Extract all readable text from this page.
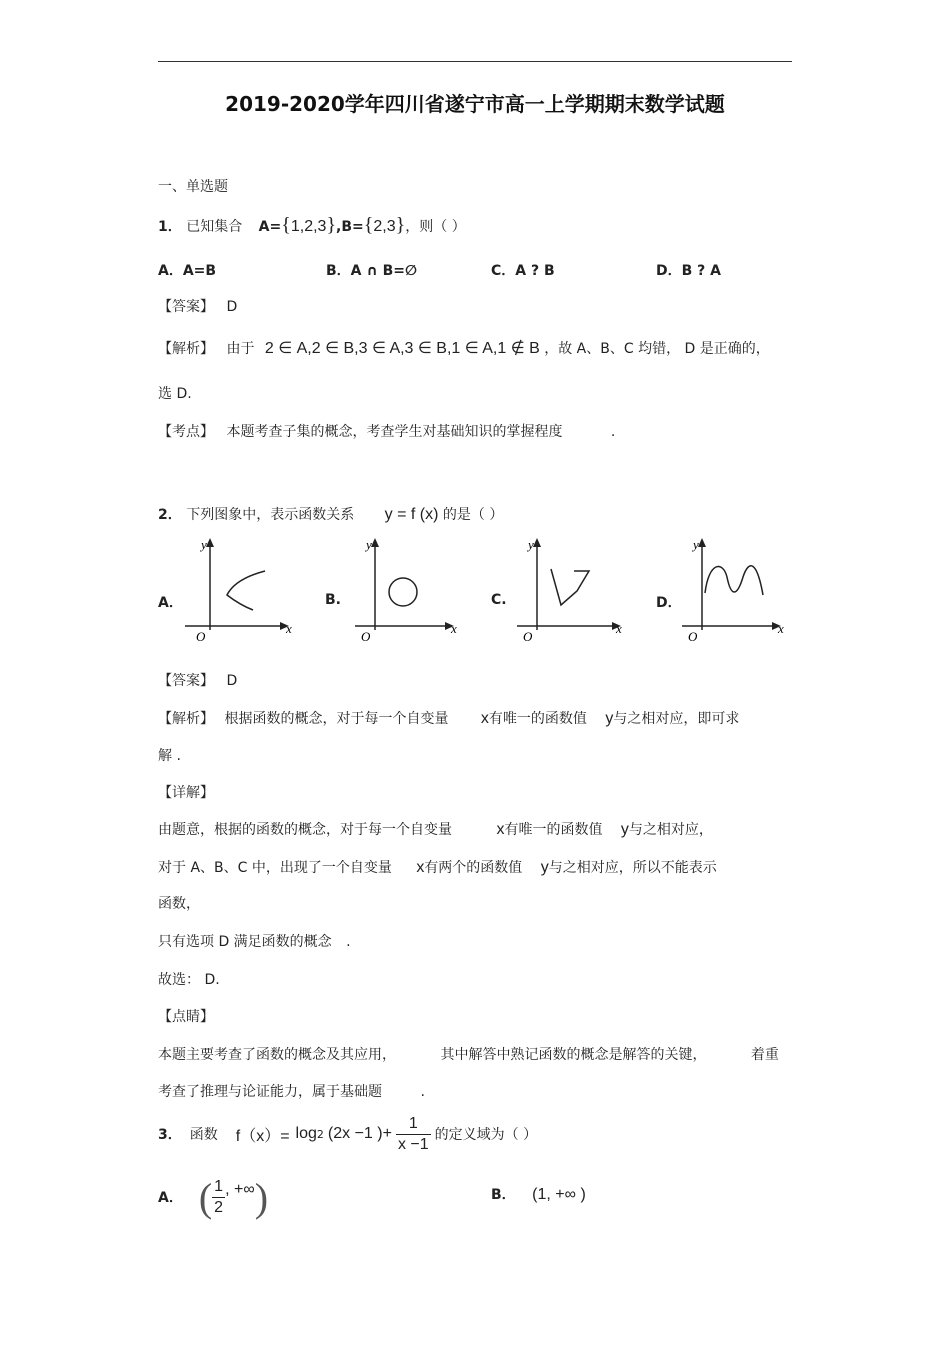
2019-2020学年四川省遂宁市高一上学期期末数学试题
一、单选题
1． 已知集合 A={1,2,3},B={2,3}，则（ ）
A．A=B	B．A ∩ B=∅	C．A ? B	D．B ? A
【答案】 D
【解析】 由于 2 ∈ A,2 ∈ B,3 ∈ A,3 ∈ B,1 ∈ A,1 ∉ B ，故 A、B、C 均错， D 是正确的，
选 D.
【考点】 本题考查子集的概念，考查学生对基础知识的掌握程度	.
2． 下列图象中，表示函数关系 y = f (x) 的是（ ）
A．	B.	C.	D．
y
x
O
y
x
O
y
x
O
y
x
O
【答案】 D
【解析】 根据函数的概念，对于每一个自变量 x有唯一的函数值 y与之相对应，即可求
解 .
【详解】
由题意，根据的函数的概念，对于每一个自变量	x有唯一的函数值 y与之相对应，
对于 A、B、C 中，出现了一个自变量 x有两个的函数值 y与之相对应，所以不能表示
函数，
只有选项 D 满足函数的概念 .
故选： D.
【点睛】
本题主要考查了函数的概念及其应用，	其中解答中熟记函数的概念是解答的关键，	着重
考查了推理与论证能力，属于基础题	.
3． 函数 f（x）= log 2 (2x −1 )+ $\frac{1}{x -1}$ 的定义域为（ ）
A． ( $\frac{1}{2}$ , +∞ )	B． (1, +∞ )
